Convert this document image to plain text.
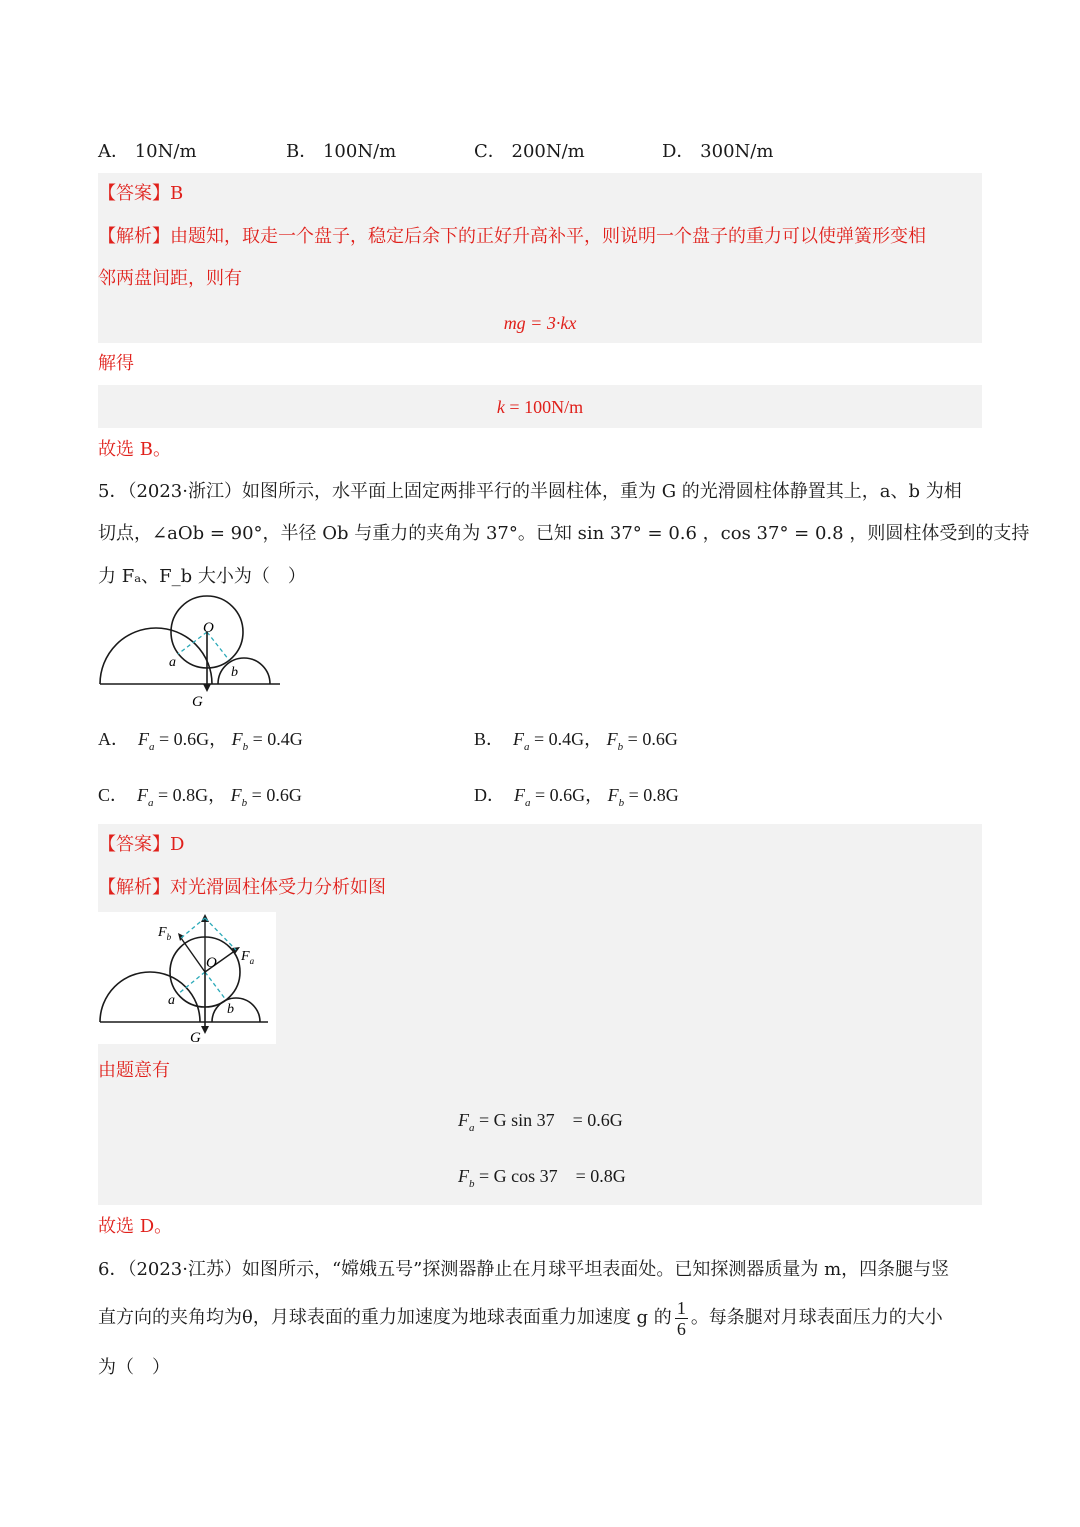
A． 10N/m	B． 100N/m	C． 200N/m	D． 300N/m
【答案】B
【解析】由题知，取走一个盘子，稳定后余下的正好升高补平，则说明一个盘子的重力可以使弹簧形变相
邻两盘间距，则有
mg = 3·kx
解得
k = 100N/m
故选 B。
5．（2023·浙江）如图所示，水平面上固定两排平行的半圆柱体，重为 G 的光滑圆柱体静置其上，a、b 为相
切点，∠aOb = 90°，半径 Ob 与重力的夹角为 37°。已知 sin 37° = 0.6 ，cos 37° = 0.8 ，则圆柱体受到的支持
力 Fₐ、F_b 大小为（　）
O
a
b
G
A． $F_a = 0.6G$， $F_b = 0.4G$	B． $F_a = 0.4G$， $F_b = 0.6G$
C． $F_a = 0.8G$， $F_b = 0.6G$	D． $F_a = 0.6G$， $F_b = 0.8G$
【答案】D
【解析】对光滑圆柱体受力分析如图
$F_b$
$F_a$
O
a
b
G
由题意有
$F_a = G$ sin 37　= 0.6G
$F_b = G$ cos 37　= 0.8G
故选 D。
6．（2023·江苏）如图所示，“嫦娥五号”探测器静止在月球平坦表面处。已知探测器质量为 m，四条腿与竖
直方向的夹角均为θ，月球表面的重力加速度为地球表面重力加速度 g 的 $\frac{1}{6}$ 。每条腿对月球表面压力的大小
为（　）
